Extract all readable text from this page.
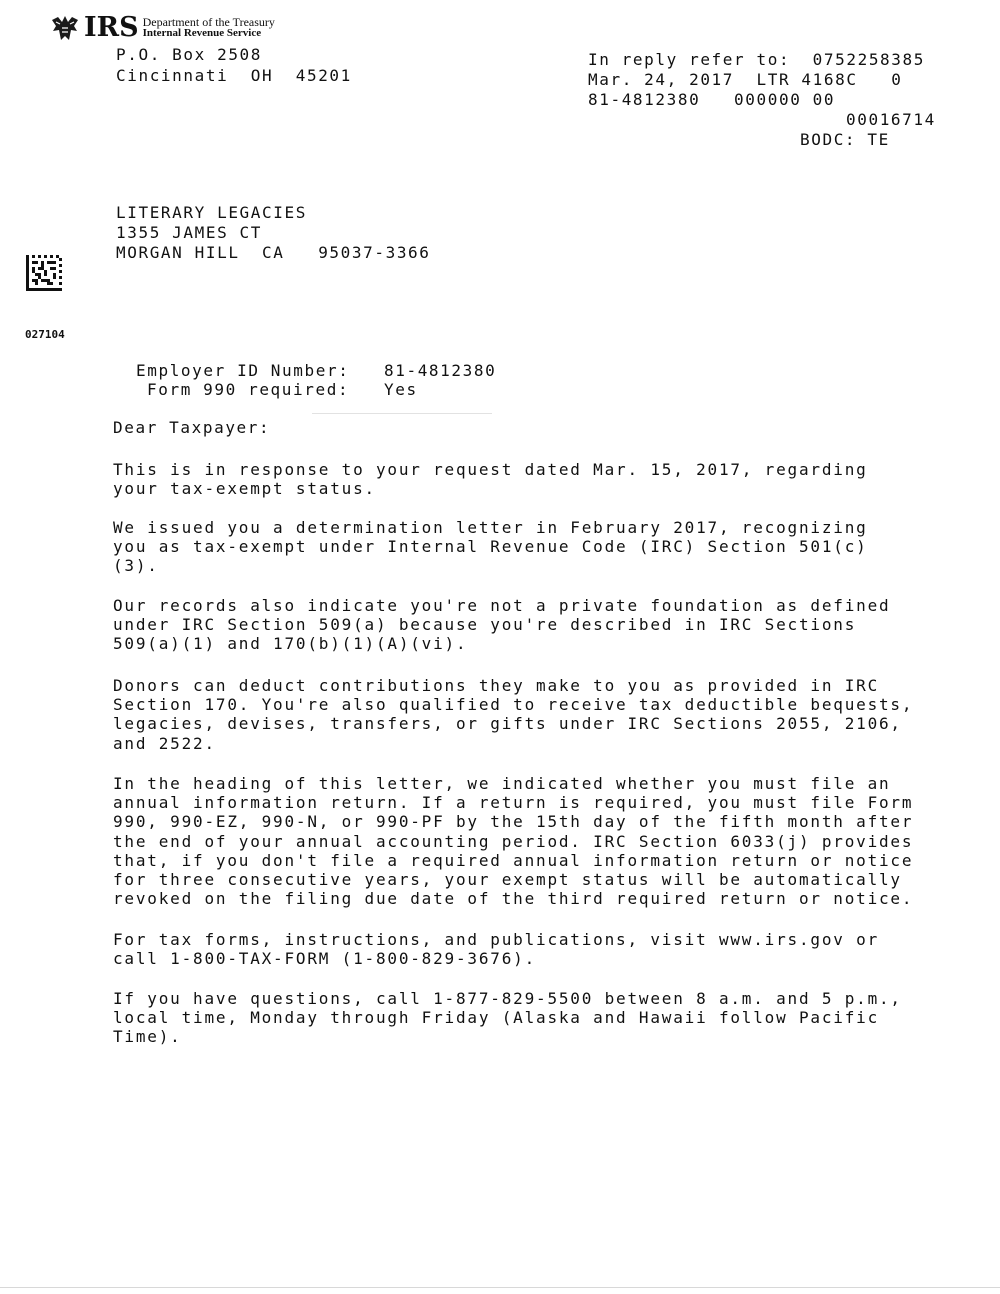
IRS Department of the Treasury
Internal Revenue Service
P.O. Box 2508
Cincinnati  OH  45201
In reply refer to:  0752258385
Mar. 24, 2017  LTR 4168C   0
81-4812380   000000 00
00016714
BODC: TE
LITERARY LEGACIES
1355 JAMES CT
MORGAN HILL  CA   95037-3366
027104
Employer ID Number: 81-4812380
Form 990 required: Yes
Dear Taxpayer:
This is in response to your request dated Mar. 15, 2017, regarding
your tax-exempt status.
We issued you a determination letter in February 2017, recognizing
you as tax-exempt under Internal Revenue Code (IRC) Section 501(c)
(3).
Our records also indicate you're not a private foundation as defined
under IRC Section 509(a) because you're described in IRC Sections
509(a)(1) and 170(b)(1)(A)(vi).
Donors can deduct contributions they make to you as provided in IRC
Section 170. You're also qualified to receive tax deductible bequests,
legacies, devises, transfers, or gifts under IRC Sections 2055, 2106,
and 2522.
In the heading of this letter, we indicated whether you must file an
annual information return. If a return is required, you must file Form
990, 990-EZ, 990-N, or 990-PF by the 15th day of the fifth month after
the end of your annual accounting period. IRC Section 6033(j) provides
that, if you don't file a required annual information return or notice
for three consecutive years, your exempt status will be automatically
revoked on the filing due date of the third required return or notice.
For tax forms, instructions, and publications, visit www.irs.gov or
call 1-800-TAX-FORM (1-800-829-3676).
If you have questions, call 1-877-829-5500 between 8 a.m. and 5 p.m.,
local time, Monday through Friday (Alaska and Hawaii follow Pacific
Time).
